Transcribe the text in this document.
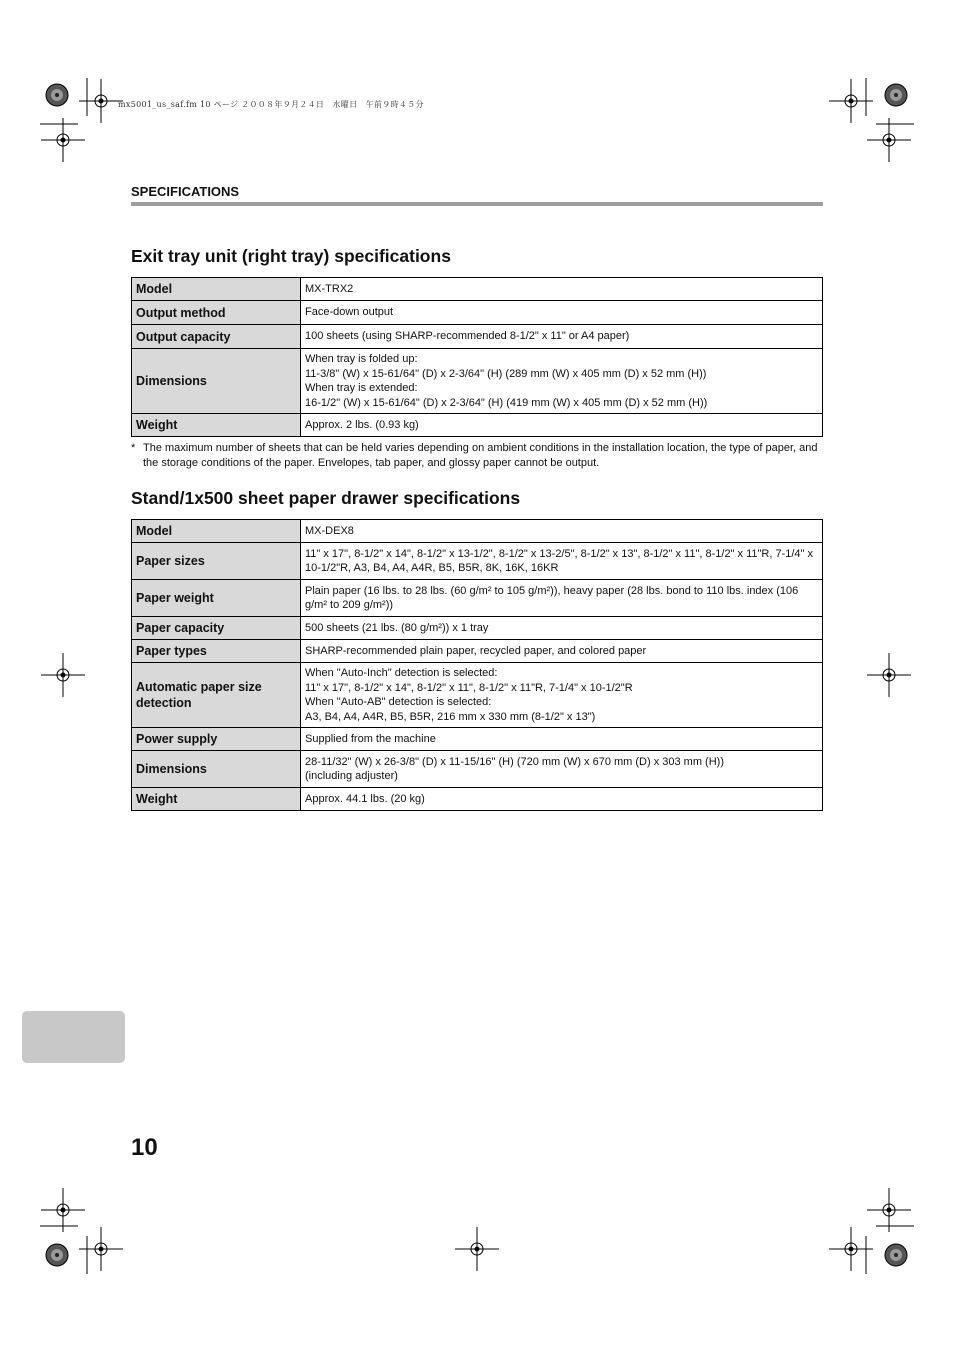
mx5001_us_saf.fm 10 ページ ２００８年９月２４日　水曜日　午前９時４５分
SPECIFICATIONS
Exit tray unit (right tray) specifications
Model	MX-TRX2
Output method	Face-down output
Output capacity	100 sheets (using SHARP-recommended 8-1/2" x 11" or A4 paper)
Dimensions	When tray is folded up:
11-3/8" (W) x 15-61/64" (D) x 2-3/64" (H) (289 mm (W) x 405 mm (D) x 52 mm (H))
When tray is extended:
16-1/2" (W) x 15-61/64" (D) x 2-3/64" (H) (419 mm (W) x 405 mm (D) x 52 mm (H))
Weight	Approx. 2 lbs. (0.93 kg)
* The maximum number of sheets that can be held varies depending on ambient conditions in the installation location, the type of paper, and the storage conditions of the paper. Envelopes, tab paper, and glossy paper cannot be output.
Stand/1x500 sheet paper drawer specifications
Model	MX-DEX8
Paper sizes	11" x 17", 8-1/2" x 14", 8-1/2" x 13-1/2", 8-1/2" x 13-2/5", 8-1/2" x 13", 8-1/2" x 11", 8-1/2" x 11"R, 7-1/4" x 10-1/2"R, A3, B4, A4, A4R, B5, B5R, 8K, 16K, 16KR
Paper weight	Plain paper (16 lbs. to 28 lbs. (60 g/m² to 105 g/m²)), heavy paper (28 lbs. bond to 110 lbs. index (106 g/m² to 209 g/m²))
Paper capacity	500 sheets (21 lbs. (80 g/m²)) x 1 tray
Paper types	SHARP-recommended plain paper, recycled paper, and colored paper
Automatic paper size detection	When "Auto-Inch" detection is selected:
11" x 17", 8-1/2" x 14", 8-1/2" x 11", 8-1/2" x 11"R, 7-1/4" x 10-1/2"R
When "Auto-AB" detection is selected:
A3, B4, A4, A4R, B5, B5R, 216 mm x 330 mm (8-1/2" x 13")
Power supply	Supplied from the machine
Dimensions	28-11/32" (W) x 26-3/8" (D) x 11-15/16" (H) (720 mm (W) x 670 mm (D) x 303 mm (H))
(including adjuster)
Weight	Approx. 44.1 lbs. (20 kg)
10
